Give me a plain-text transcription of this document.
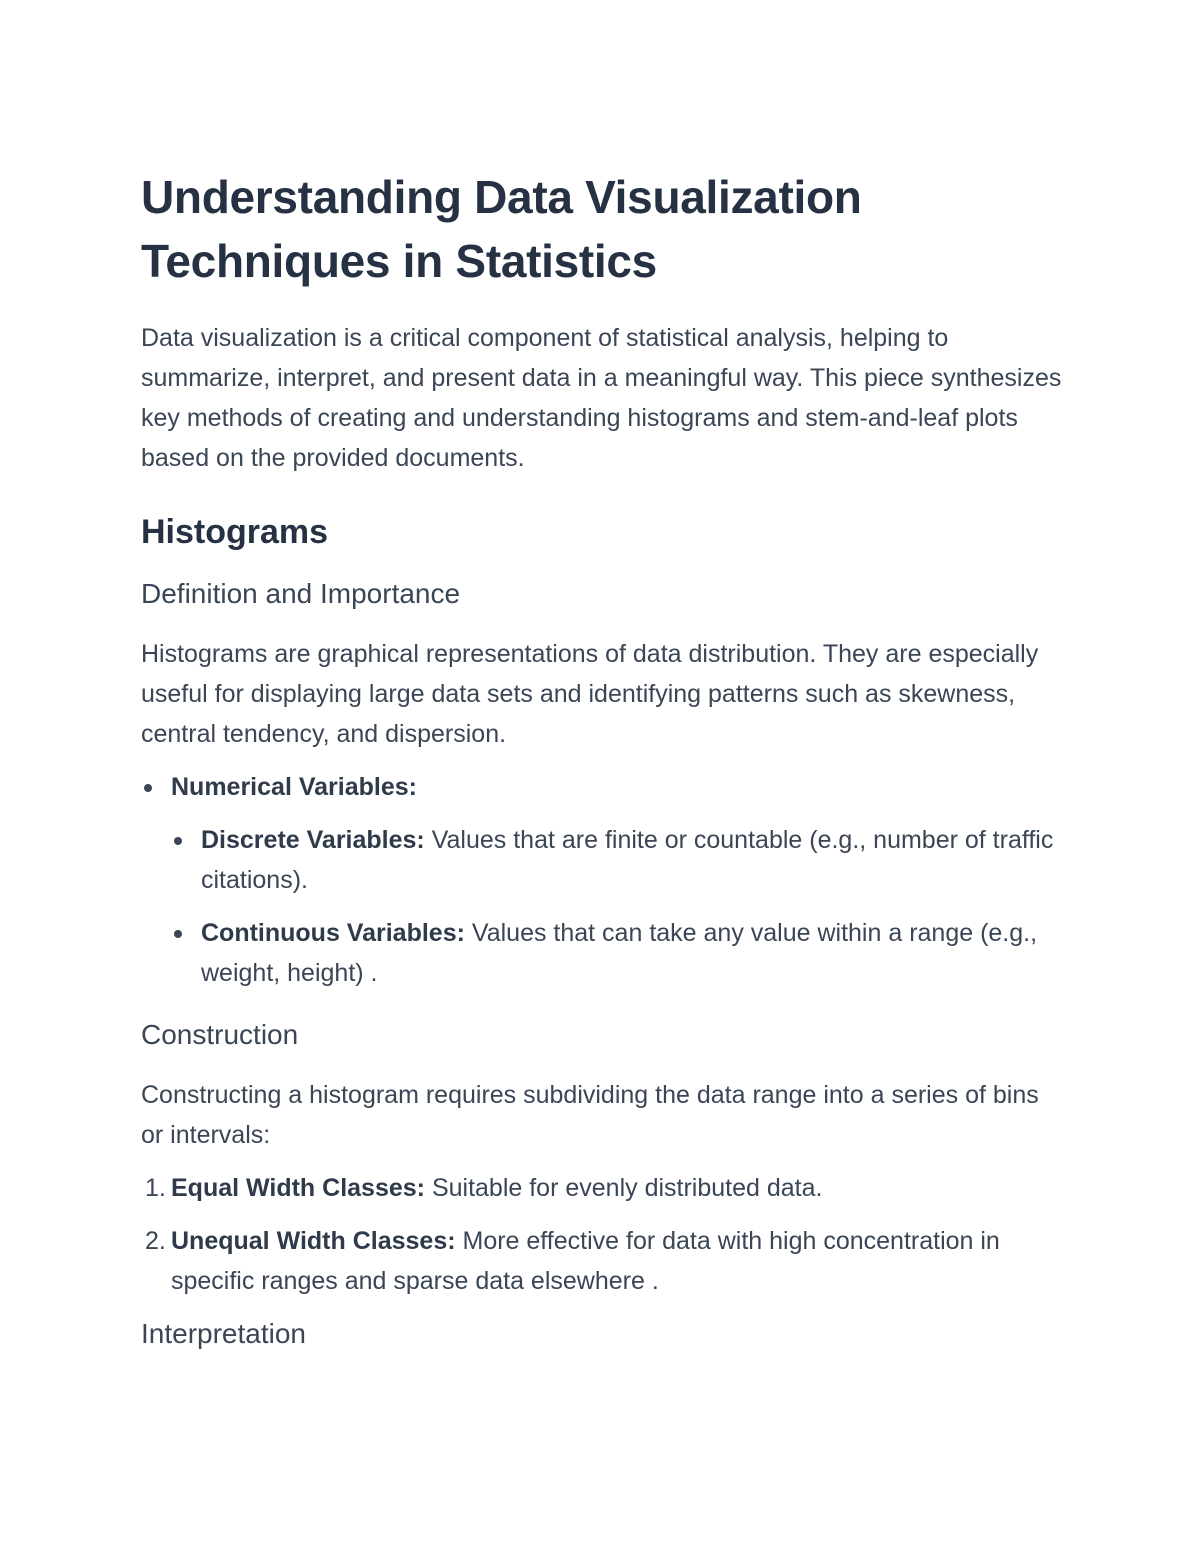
Understanding Data Visualization Techniques in Statistics

Data visualization is a critical component of statistical analysis, helping to summarize, interpret, and present data in a meaningful way. This piece synthesizes key methods of creating and understanding histograms and stem-and-leaf plots based on the provided documents.

Histograms
Definition and Importance

Histograms are graphical representations of data distribution. They are especially useful for displaying large data sets and identifying patterns such as skewness, central tendency, and dispersion.

Numerical Variables:
Discrete Variables: Values that are finite or countable (e.g., number of traffic citations).
Continuous Variables: Values that can take any value within a range (e.g., weight, height) .
Construction

Constructing a histogram requires subdividing the data range into a series of bins or intervals:

1. Equal Width Classes: Suitable for evenly distributed data.
2. Unequal Width Classes: More effective for data with high concentration in specific ranges and sparse data elsewhere .
Interpretation
